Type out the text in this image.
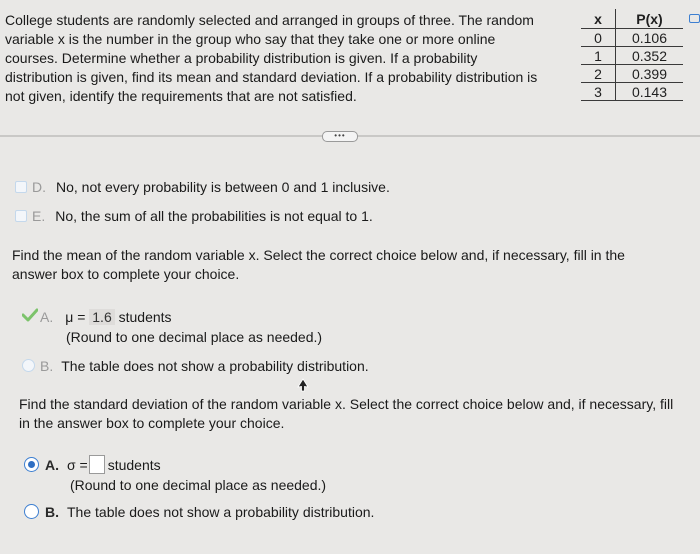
College students are randomly selected and arranged in groups of three. The random
variable x is the number in the group who say that they take one or more online
courses. Determine whether a probability distribution is given. If a probability
distribution is given, find its mean and standard deviation. If a probability distribution is
not given, identify the requirements that are not satisfied.
x	P(x)
0	0.106
1	0.352
2	0.399
3	0.143
•••
D. No, not every probability is between 0 and 1 inclusive.
E. No, the sum of all the probabilities is not equal to 1.
Find the mean of the random variable x. Select the correct choice below and, if necessary, fill in the
answer box to complete your choice.
A. μ = 1.6 students
(Round to one decimal place as needed.)
B. The table does not show a probability distribution.
Find the standard deviation of the random variable x. Select the correct choice below and, if necessary, fill
in the answer box to complete your choice.
A. σ = students
(Round to one decimal place as needed.)
B. The table does not show a probability distribution.
